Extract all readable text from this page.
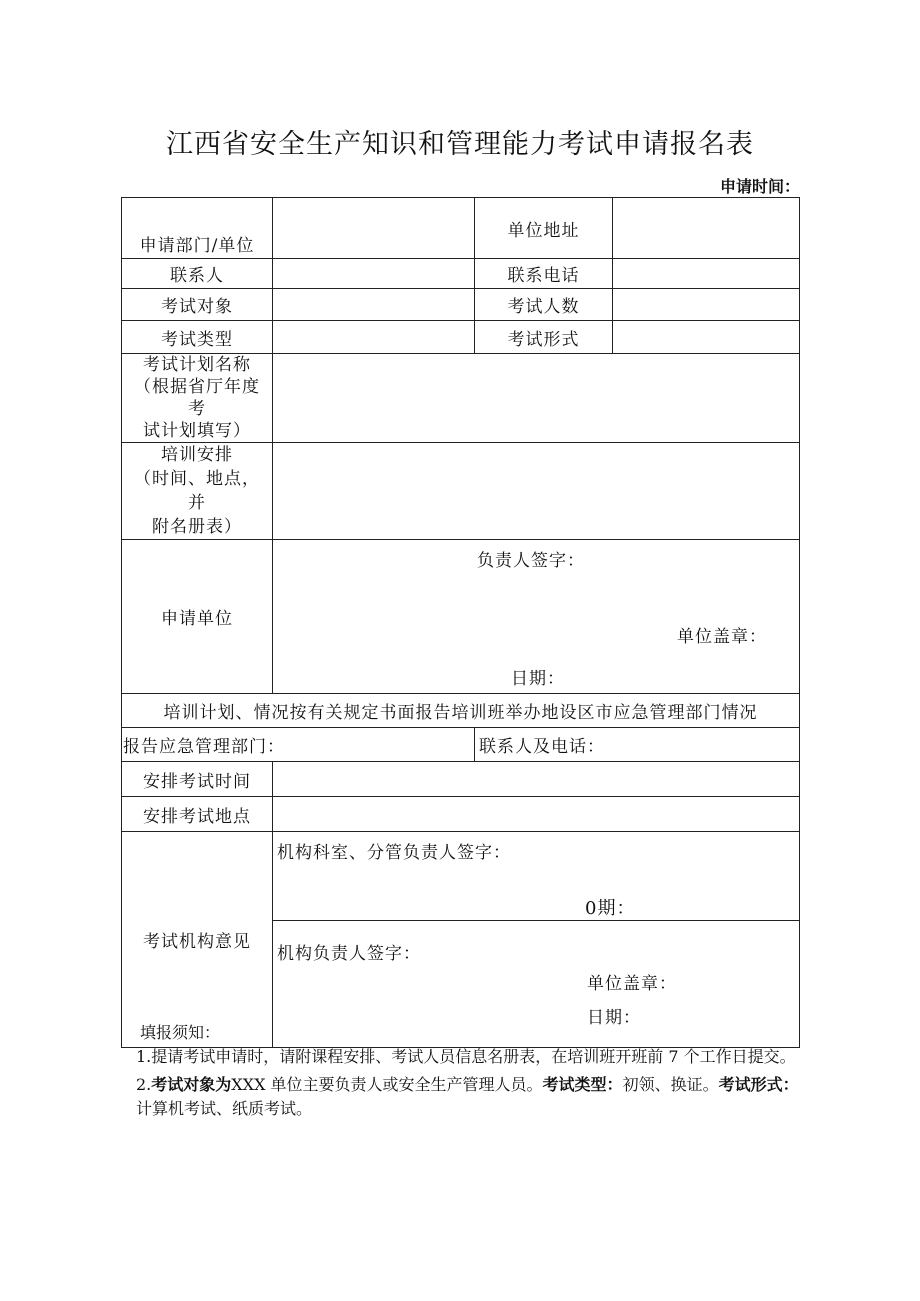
江西省安全生产知识和管理能力考试申请报名表
申请时间：
申请部门/单位		单位地址	
联系人		联系电话	
考试对象		考试人数	
考试类型		考试形式	

考试计划名称
（根据省厅年度考
试计划填写）			

培训安排
（时间、地点，并
附名册表）			

申请单位	负责人签字：
单位盖章：
日期：		

培训计划、情况按有关规定书面报告培训班举办地设区市应急管理部门情况			
报告应急管理部门：		联系人及电话：	
安排考试时间			
安排考试地点			
考试机构意见	机构科室、分管负责人签字：
0期：		

	机构负责人签字：
单位盖章：
日期：		

填报须知：

1.提请考试申请时，请附课程安排、考试人员信息名册表，在培训班开班前 7 个工作日提交。

2.考试对象为XXX 单位主要负责人或安全生产管理人员。考试类型：初领、换证。考试形式：计算机考试、纸质考试。
